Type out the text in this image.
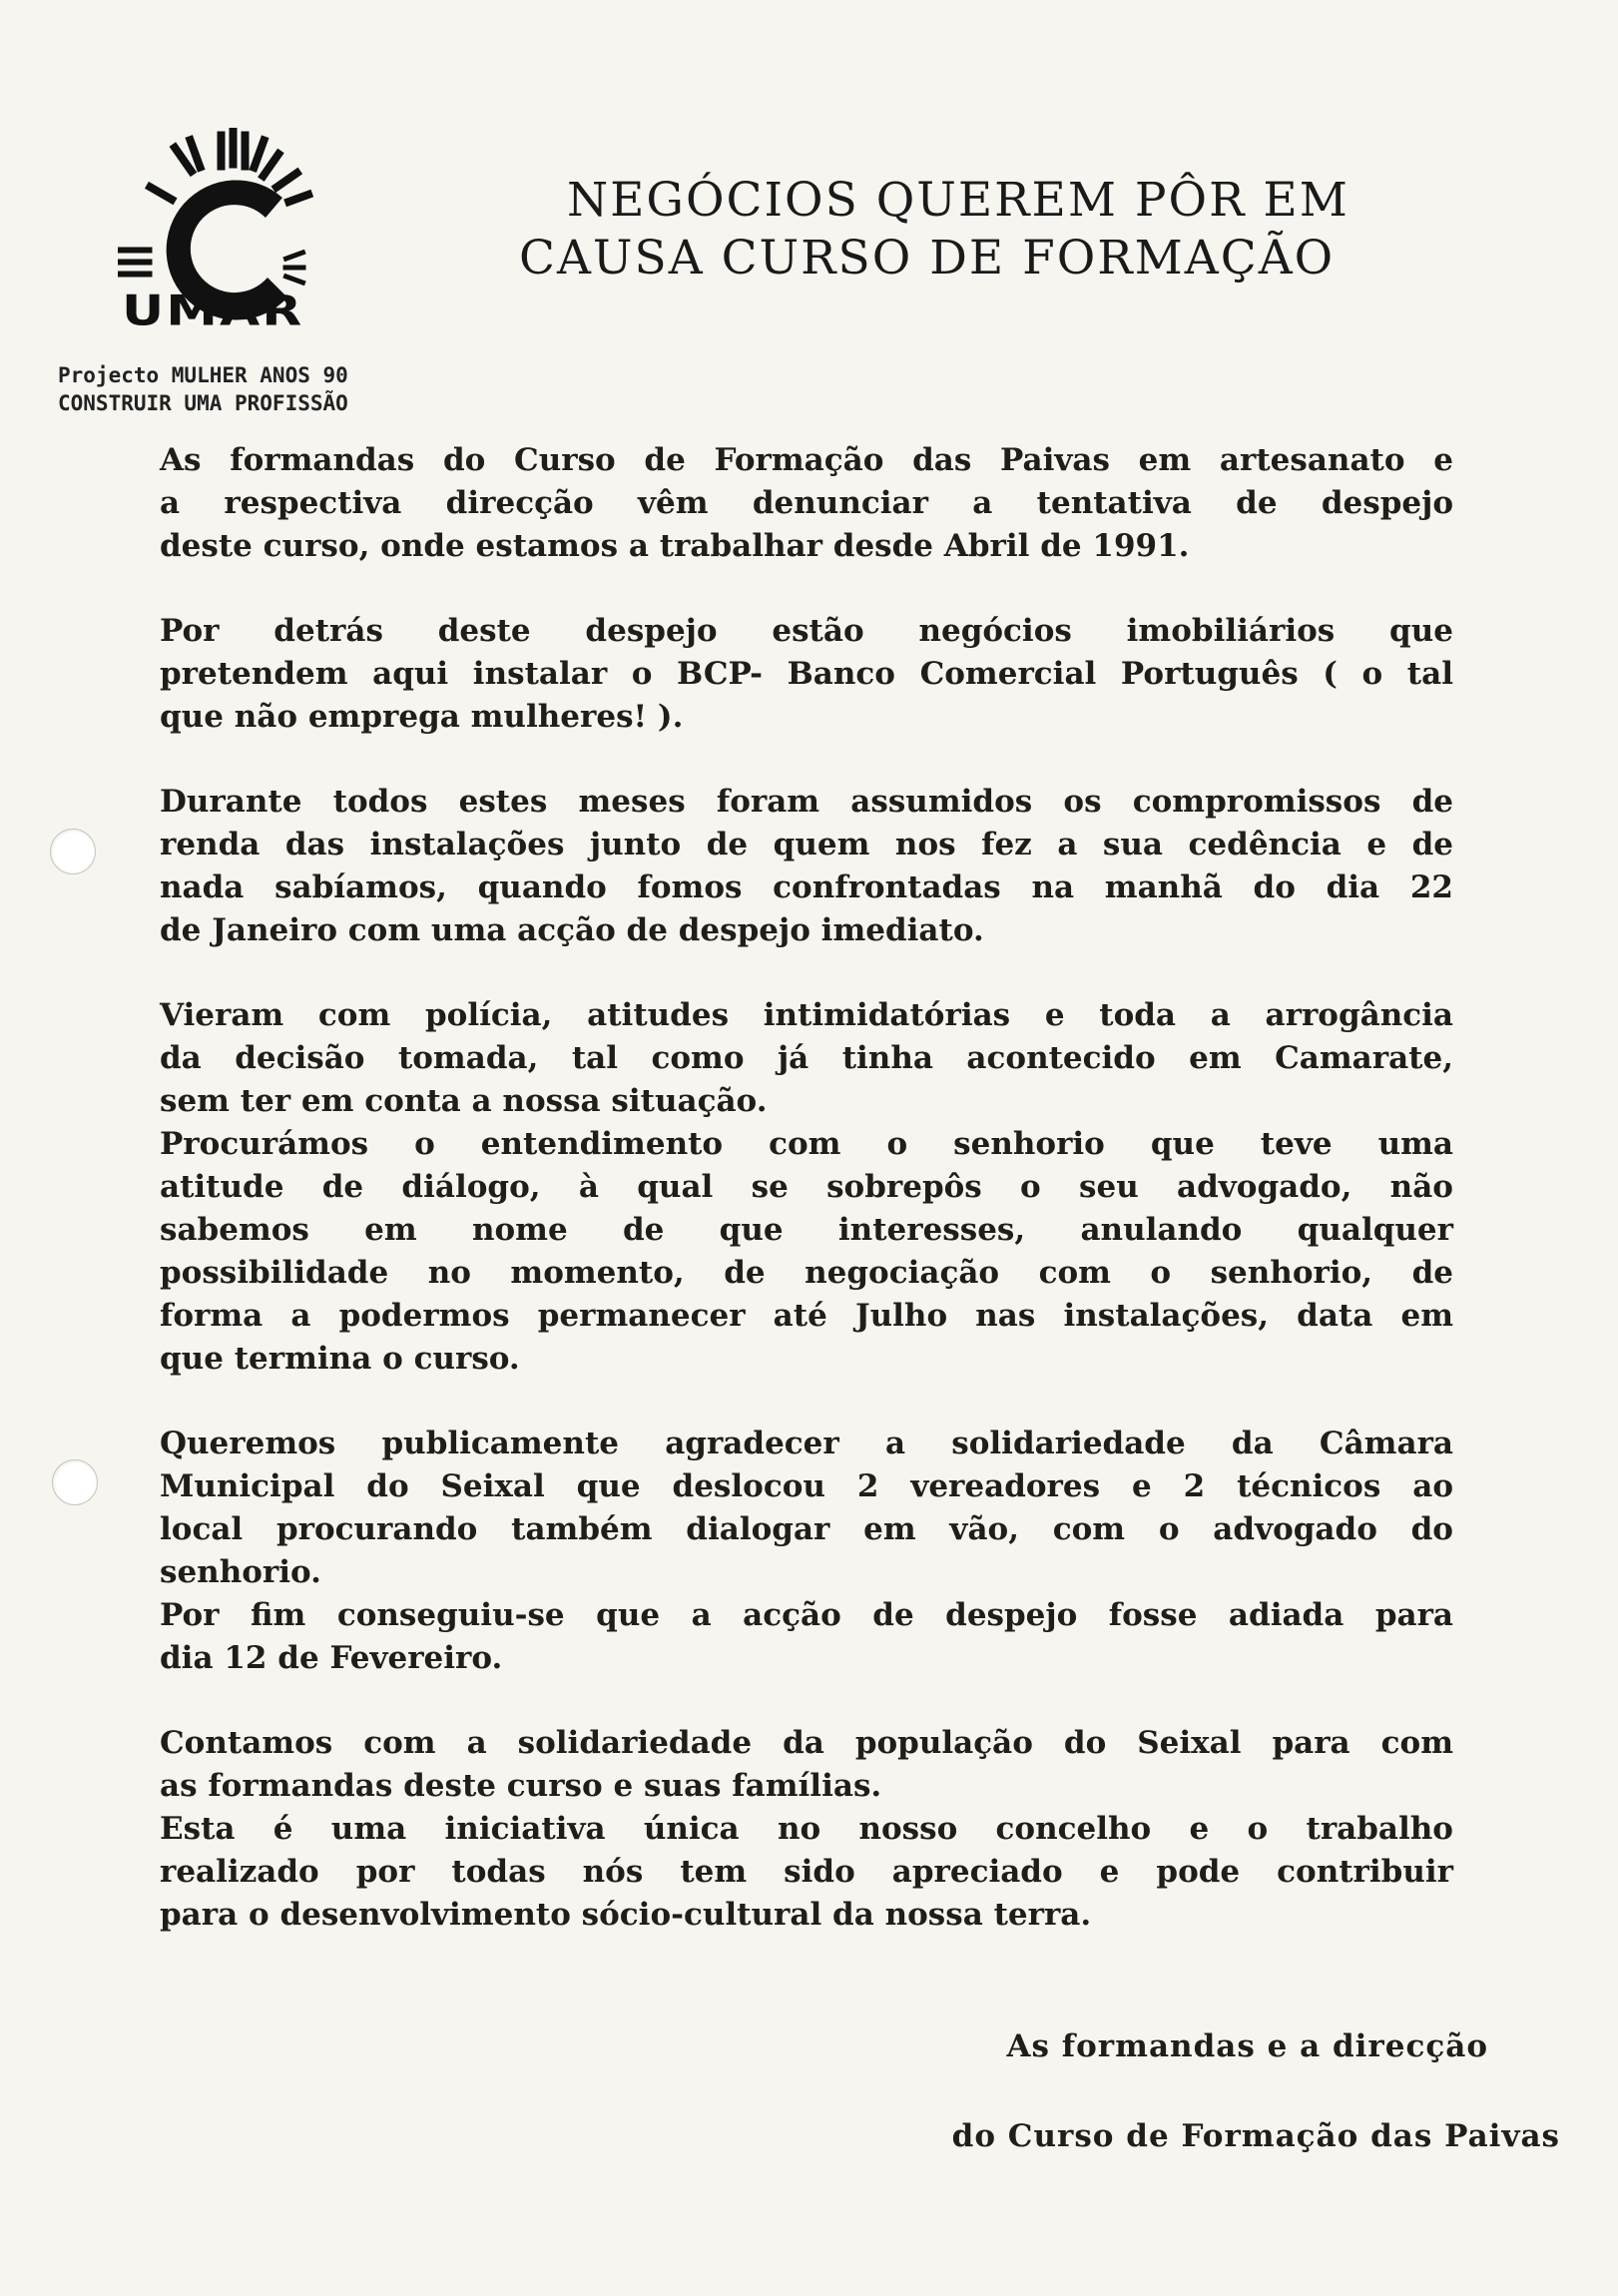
UMAR
Projecto MULHER ANOS 90
CONSTRUIR UMA PROFISSÃO
NEGÓCIOS QUEREM PÔR EM
CAUSA CURSO DE FORMAÇÃO
As formandas do Curso de Formação das Paivas em artesanato e
a respectiva direcção vêm denunciar a tentativa de despejo
deste curso, onde estamos a trabalhar desde Abril de 1991.
Por detrás deste despejo estão negócios imobiliários que
pretendem aqui instalar o BCP- Banco Comercial Português ( o tal
que não emprega mulheres! ).
Durante todos estes meses foram assumidos os compromissos de
renda das instalações junto de quem nos fez a sua cedência e de
nada sabíamos, quando fomos confrontadas na manhã do dia 22
de Janeiro com uma acção de despejo imediato.
Vieram com polícia, atitudes intimidatórias e toda a arrogância
da decisão tomada, tal como já tinha acontecido em Camarate,
sem ter em conta a nossa situação.
Procurámos o entendimento com o senhorio que teve uma
atitude de diálogo, à qual se sobrepôs o seu advogado, não
sabemos em nome de que interesses, anulando qualquer
possibilidade no momento, de negociação com o senhorio, de
forma a podermos permanecer até Julho nas instalações, data em
que termina o curso.
Queremos publicamente agradecer a solidariedade da Câmara
Municipal do Seixal que deslocou 2 vereadores e 2 técnicos ao
local procurando também dialogar em vão, com o advogado do
senhorio.
Por fim conseguiu-se que a acção de despejo fosse adiada para
dia 12 de Fevereiro.
Contamos com a solidariedade da população do Seixal para com
as formandas deste curso e suas famílias.
Esta é uma iniciativa única no nosso concelho e o trabalho
realizado por todas nós tem sido apreciado e pode contribuir
para o desenvolvimento sócio-cultural da nossa terra.
As formandas e a direcção
do Curso de Formação das Paivas
